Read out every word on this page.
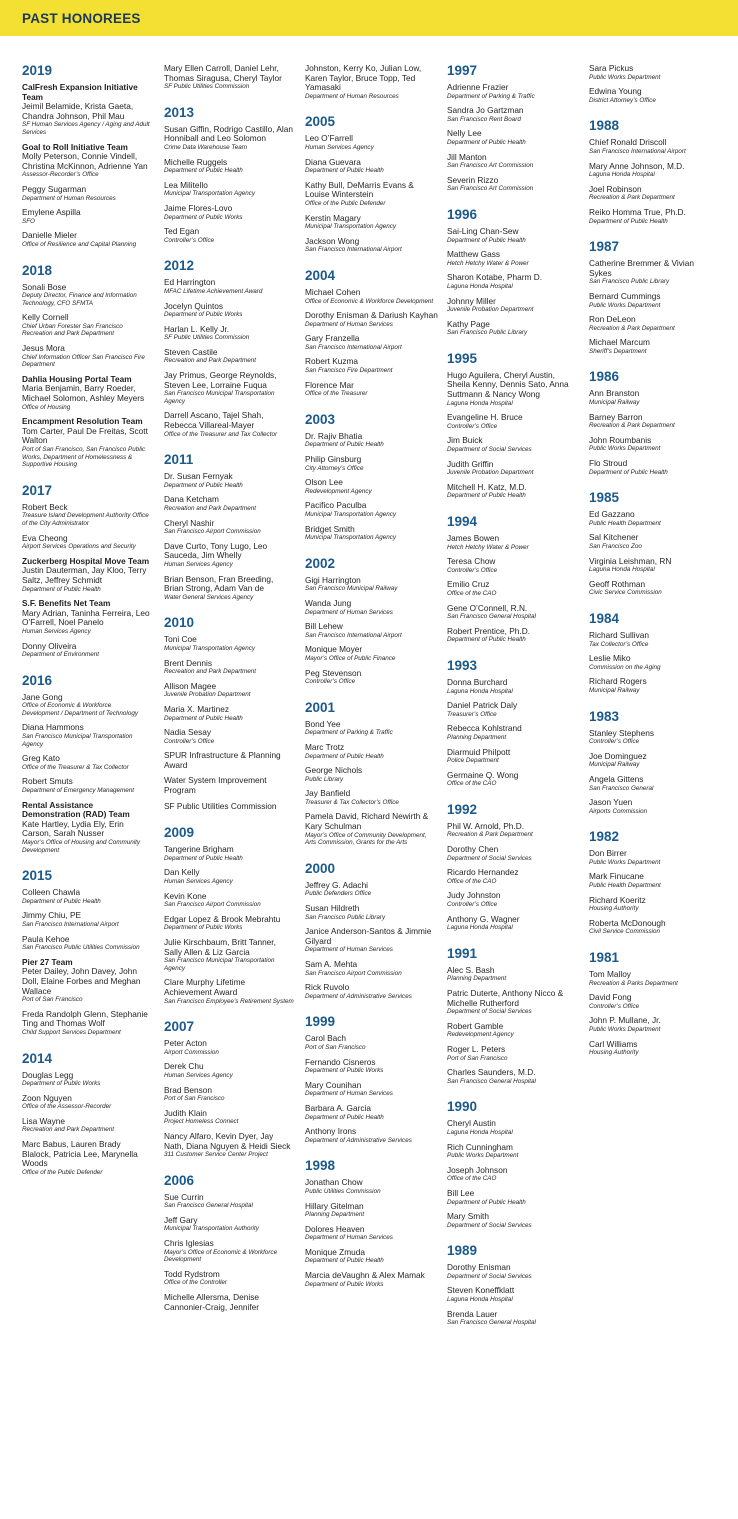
PAST HONOREES
2019
CalFresh Expansion Initiative Team
Jeimil Belamide, Krista Gaeta, Chandra Johnson, Phil Mau
SF Human Services Agency / Aging and Adult Services
Goal to Roll Initiative Team
Molly Peterson, Connie Vindell, Christina McKinnon, Adrienne Yan
Assessor-Recorder’s Office
Peggy Sugarman
Department of Human Resources
Emylene Aspilla
SFO
Danielle Mieler
Office of Resilience and Capital Planning
2018
Sonali Bose
Deputy Director, Finance and Information Technology, CFO SFMTA
Kelly Cornell
Chief Urban Forester San Francisco Recreation and Park Department
Jesus Mora
Chief Information Officer San Francisco Fire Department
Dahlia Housing Portal Team
Maria Benjamin, Barry Roeder, Michael Solomon, Ashley Meyers
Office of Housing
Encampment Resolution Team
Tom Carter, Paul De Freitas, Scott Walton
Port of San Francisco, San Francisco Public Works, Department of Homelessness & Supportive Housing
2017
Robert Beck
Treasure Island Development Authority Office of the City Administrator
Eva Cheong
Airport Services Operations and Security
Zuckerberg Hospital Move Team
Justin Dauterman, Jay Kloo, Terry Saltz, Jeffrey Schmidt
Department of Public Health
S.F. Benefits Net Team
Mary Adrian, Taninha Ferreira, Leo O’Farrell, Noel Panelo
Human Services Agency
Donny Oliveira
Department of Environment
2016
Jane Gong
Office of Economic & Workforce Development / Department of Technology
Diana Hammons
San Francisco Municipal Transportation Agency
Greg Kato
Office of the Treasurer & Tax Collector
Robert Smuts
Department of Emergency Management
Rental Assistance Demonstration (RAD) Team
Kate Hartley, Lydia Ely, Erin Carson, Sarah Nusser
Mayor’s Office of Housing and Community Development
2015
Colleen Chawla
Department of Public Health
Jimmy Chiu, PE
San Francisco International Airport
Paula Kehoe
San Francisco Public Utilities Commission
Pier 27 Team
Peter Dailey, John Davey, John Doll, Elaine Forbes and Meghan Wallace
Port of San Francisco
Freda Randolph Glenn, Stephanie Ting and Thomas Wolf
Child Support Services Department
2014
Douglas Legg
Department of Public Works
Zoon Nguyen
Office of the Assessor-Recorder
Lisa Wayne
Recreation and Park Department
Marc Babus, Lauren Brady Blalock, Patricia Lee, Marynella Woods
Office of the Public Defender
Mary Ellen Carroll, Daniel Lehr, Thomas Siragusa, Cheryl Taylor
SF Public Utilities Commission
2013
Susan Giffin, Rodrigo Castillo, Alan Honniball and Leo Solomon
Crime Data Warehouse Team
Michelle Ruggels
Department of Public Health
Lea Militello
Municipal Transportation Agency
Jaime Flores-Lovo
Department of Public Works
Ted Egan
Controller’s Office
2012
Ed Harrington
MFAC Lifetime Achievement Award
Jocelyn Quintos
Department of Public Works
Harlan L. Kelly Jr.
SF Public Utilities Commission
Steven Castile
Recreation and Park Department
Jay Primus, George Reynolds, Steven Lee, Lorraine Fuqua
San Francisco Municipal Transportation Agency
Darrell Ascano, Tajel Shah, Rebecca Villareal-Mayer
Office of the Treasurer and Tax Collector
2011
Dr. Susan Fernyak
Department of Public Health
Dana Ketcham
Recreation and Park Department
Cheryl Nashir
San Francisco Airport Commission
Dave Curto, Tony Lugo, Leo Sauceda, Jim Whelly
Human Services Agency
Brian Benson, Fran Breeding, Brian Strong, Adam Van de
Water General Services Agency
2010
Toni Coe
Municipal Transportation Agency
Brent Dennis
Recreation and Park Department
Allison Magee
Juvenile Probation Department
Maria X. Martinez
Department of Public Health
Nadia Sesay
Controller’s Office
SPUR Infrastructure & Planning Award
Water System Improvement Program
SF Public Utilities Commission
2009
Tangerine Brigham
Department of Public Health
Dan Kelly
Human Services Agency
Kevin Kone
San Francisco Airport Commission
Edgar Lopez & Brook Mebrahtu
Department of Public Works
Julie Kirschbaum, Britt Tanner, Sally Allen & Liz Garcia
San Francisco Municipal Transportation Agency
Clare Murphy Lifetime Achievement Award
San Francisco Employee’s Retirement System
2007
Peter Acton
Airport Commission
Derek Chu
Human Services Agency
Brad Benson
Port of San Francisco
Judith Klain
Project Homeless Connect
Nancy Alfaro, Kevin Dyer, Jay Nath, Diana Nguyen & Heidi Sieck
311 Customer Service Center Project
2006
Sue Currin
San Francisco General Hospital
Jeff Gary
Municipal Transportation Authority
Chris Iglesias
Mayor’s Office of Economic & Workforce Development
Todd Rydstrom
Office of the Controller
Michelle Allersma, Denise Cannonier-Craig, Jennifer
Johnston, Kerry Ko, Julian Low, Karen Taylor, Bruce Topp, Ted Yamasaki
Department of Human Resources
2005
Leo O’Farrell
Human Services Agency
Diana Guevara
Department of Public Health
Kathy Bull, DeMarris Evans & Louise Winterstein
Office of the Public Defender
Kerstin Magary
Municipal Transportation Agency
Jackson Wong
San Francisco International Airport
2004
Michael Cohen
Office of Economic & Workforce Development
Dorothy Enisman & Dariush Kayhan
Department of Human Services
Gary Franzella
San Francisco International Airport
Robert Kuzma
San Francisco Fire Department
Florence Mar
Office of the Treasurer
2003
Dr. Rajiv Bhatia
Department of Public Health
Philip Ginsburg
City Attorney’s Office
Olson Lee
Redevelopment Agency
Pacifico Paculba
Municipal Transportation Agency
Bridget Smith
Municipal Transportation Agency
2002
Gigi Harrington
San Francisco Municipal Railway
Wanda Jung
Department of Human Services
Bill Lehew
San Francisco International Airport
Monique Moyer
Mayor’s Office of Public Finance
Peg Stevenson
Controller’s Office
2001
Bond Yee
Department of Parking & Traffic
Marc Trotz
Department of Public Health
George Nichols
Public Library
Jay Banfield
Treasurer & Tax Collector’s Office
Pamela David, Richard Newirth & Kary Schulman
Mayor’s Office of Community Development, Arts Commission, Grants for the Arts
2000
Jeffrey G. Adachi
Public Defenders Office
Susan Hildreth
San Francisco Public Library
Janice Anderson-Santos & Jimmie Gilyard
Department of Human Services
Sam A. Mehta
San Francisco Airport Commission
Rick Ruvolo
Department of Administrative Services
1999
Carol Bach
Port of San Francisco
Fernando Cisneros
Department of Public Works
Mary Counihan
Department of Human Services
Barbara A. Garcia
Department of Public Health
Anthony Irons
Department of Administrative Services
1998
Jonathan Chow
Public Utilities Commission
Hillary Gitelman
Planning Department
Dolores Heaven
Department of Human Services
Monique Zmuda
Department of Public Health
Marcia deVaughn & Alex Mamak
Department of Public Works
1997
Adrienne Frazier
Department of Parking & Traffic
Sandra Jo Gartzman
San Francisco Rent Board
Nelly Lee
Department of Public Health
Jill Manton
San Francisco Art Commission
Severin Rizzo
San Francisco Art Commission
1996
Sai-Ling Chan-Sew
Department of Public Health
Matthew Gass
Hetch Hetchy Water & Power
Sharon Kotabe, Pharm D.
Laguna Honda Hospital
Johnny Miller
Juvenile Probation Department
Kathy Page
San Francisco Public Library
1995
Hugo Aguilera, Cheryl Austin, Sheila Kenny, Dennis Sato, Anna Suttmann & Nancy Wong
Laguna Honda Hospital
Evangeline H. Bruce
Controller’s Office
Jim Buick
Department of Social Services
Judith Griffin
Juvenile Probation Department
Mitchell H. Katz, M.D.
Department of Public Health
1994
James Bowen
Hetch Hetchy Water & Power
Teresa Chow
Controller’s Office
Emilio Cruz
Office of the CAO
Gene O’Connell, R.N.
San Francisco General Hospital
Robert Prentice, Ph.D.
Department of Public Health
1993
Donna Burchard
Laguna Honda Hospital
Daniel Patrick Daly
Treasurer’s Office
Rebecca Kohlstrand
Planning Department
Diarmuid Philpott
Police Department
Germaine Q. Wong
Office of the CAO
1992
Phil W. Arnold, Ph.D.
Recreation & Park Department
Dorothy Chen
Department of Social Services
Ricardo Hernandez
Office of the CAO
Judy Johnston
Controller’s Office
Anthony G. Wagner
Laguna Honda Hospital
1991
Alec S. Bash
Planning Department
Patric Duterte, Anthony Nicco & Michelle Rutherford
Department of Social Services
Robert Gamble
Redevelopment Agency
Roger L. Peters
Port of San Francisco
Charles Saunders, M.D.
San Francisco General Hospital
1990
Cheryl Austin
Laguna Honda Hospital
Rich Cunningham
Public Works Department
Joseph Johnson
Office of the CAO
Bill Lee
Department of Public Health
Mary Smith
Department of Social Services
1989
Dorothy Enisman
Department of Social Services
Steven Koneffklatt
Laguna Honda Hospital
Brenda Lauer
San Francisco General Hospital
Sara Pickus
Public Works Department
Edwina Young
District Attorney’s Office
1988
Chief Ronald Driscoll
San Francisco International Airport
Mary Anne Johnson, M.D.
Laguna Honda Hospital
Joel Robinson
Recreation & Park Department
Reiko Homma True, Ph.D.
Department of Public Health
1987
Catherine Bremmer & Vivian Sykes
San Francisco Public Library
Bernard Cummings
Public Works Department
Ron DeLeon
Recreation & Park Department
Michael Marcum
Sheriff’s Department
1986
Ann Branston
Municipal Railway
Barney Barron
Recreation & Park Department
John Roumbanis
Public Works Department
Flo Stroud
Department of Public Health
1985
Ed Gazzano
Public Health Department
Sal Kitchener
San Francisco Zoo
Virginia Leishman, RN
Laguna Honda Hospital
Geoff Rothman
Civic Service Commission
1984
Richard Sullivan
Tax Collector’s Office
Leslie Miko
Commission on the Aging
Richard Rogers
Municipal Railway
1983
Stanley Stephens
Controller’s Office
Joe Dominguez
Municipal Railway
Angela Gittens
San Francisco General
Jason Yuen
Airports Commission
1982
Don Birrer
Public Works Department
Mark Finucane
Public Health Department
Richard Koeritz
Housing Authority
Roberta McDonough
Civil Service Commission
1981
Tom Malloy
Recreation & Parks Department
David Fong
Controller’s Office
John P. Mullane, Jr.
Public Works Department
Carl Williams
Housing Authority
